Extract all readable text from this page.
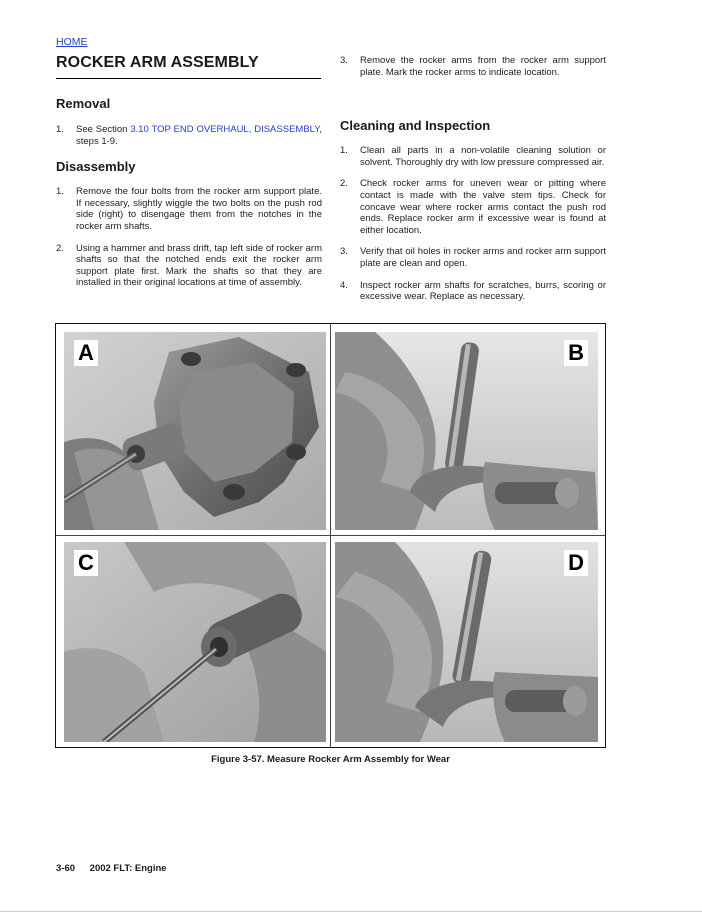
HOME
ROCKER ARM ASSEMBLY
Removal
1. See Section 3.10 TOP END OVERHAUL, DISASSEMBLY, steps 1-9.
Disassembly
1. Remove the four bolts from the rocker arm support plate. If necessary, slightly wiggle the two bolts on the push rod side (right) to disengage them from the notches in the rocker arm shafts.
2. Using a hammer and brass drift, tap left side of rocker arm shafts so that the notched ends exit the rocker arm support plate first. Mark the shafts so that they are installed in their original locations at time of assembly.
3. Remove the rocker arms from the rocker arm support plate. Mark the rocker arms to indicate location.
Cleaning and Inspection
1. Clean all parts in a non-volatile cleaning solution or solvent. Thoroughly dry with low pressure compressed air.
2. Check rocker arms for uneven wear or pitting where contact is made with the valve stem tips. Check for concave wear where rocker arms contact the push rod ends. Replace rocker arm if excessive wear is found at either location.
3. Verify that oil holes in rocker arms and rocker arm support plate are clean and open.
4. Inspect rocker arm shafts for scratches, burrs, scoring or excessive wear. Replace as necessary.
A	B
C	D
Figure 3-57. Measure Rocker Arm Assembly for Wear
3-60 2002 FLT: Engine
